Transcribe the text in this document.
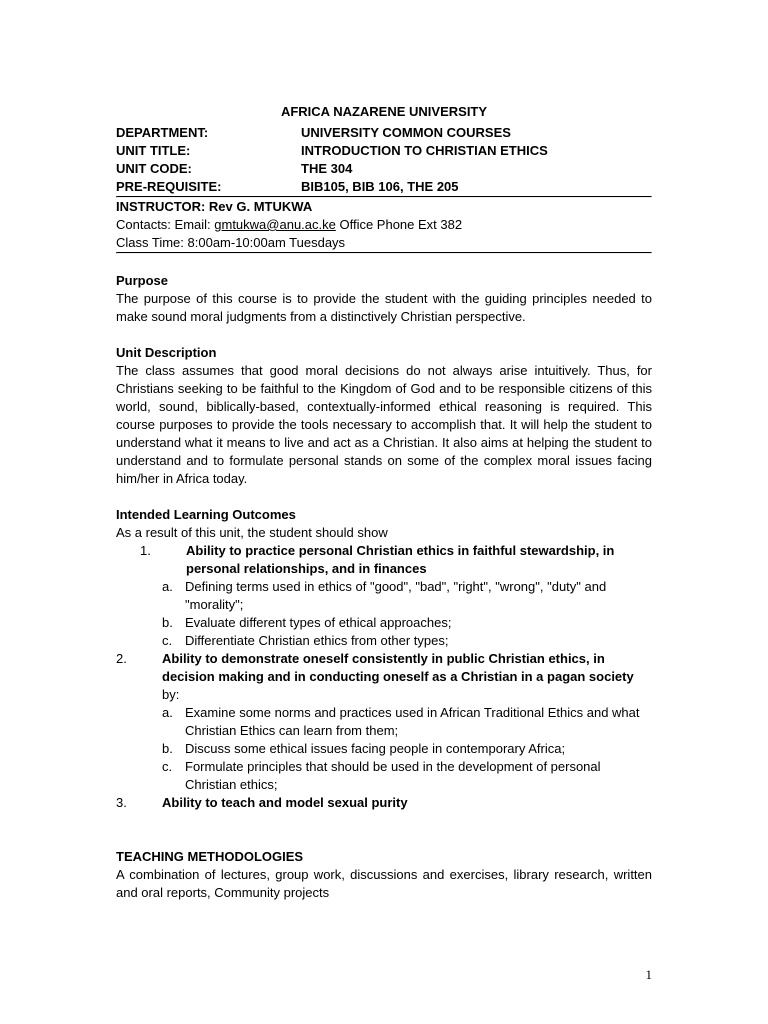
AFRICA NAZARENE UNIVERSITY
DEPARTMENT:	UNIVERSITY COMMON COURSES
UNIT TITLE:	INTRODUCTION TO CHRISTIAN ETHICS
UNIT CODE:	THE 304
PRE-REQUISITE:	BIB105, BIB 106, THE 205
INSTRUCTOR: Rev G. MTUKWA
Contacts: Email: gmtukwa@anu.ac.ke Office Phone Ext 382
Class Time: 8:00am-10:00am Tuesdays
Purpose
The purpose of this course is to provide the student with the guiding principles needed to make sound moral judgments from a distinctively Christian perspective.
Unit Description
The class assumes that good moral decisions do not always arise intuitively. Thus, for Christians seeking to be faithful to the Kingdom of God and to be responsible citizens of this world, sound, biblically-based, contextually-informed ethical reasoning is required. This course purposes to provide the tools necessary to accomplish that. It will help the student to understand what it means to live and act as a Christian. It also aims at helping the student to understand and to formulate personal stands on some of the complex moral issues facing him/her in Africa today.
Intended Learning Outcomes
As a result of this unit, the student should show
1.	Ability to practice personal Christian ethics in faithful stewardship, in personal relationships, and in finances
a. Defining terms used in ethics of "good", "bad", "right", "wrong", "duty" and "morality";
b. Evaluate different types of ethical approaches;
c. Differentiate Christian ethics from other types;
2.	Ability to demonstrate oneself consistently in public Christian ethics, in decision making and in conducting oneself as a Christian in a pagan society by:
a. Examine some norms and practices used in African Traditional Ethics and what Christian Ethics can learn from them;
b. Discuss some ethical issues facing people in contemporary Africa;
c. Formulate principles that should be used in the development of personal Christian ethics;
3.	Ability to teach and model sexual purity
TEACHING METHODOLOGIES
A combination of lectures, group work, discussions and exercises, library research, written and oral reports, Community projects
1
